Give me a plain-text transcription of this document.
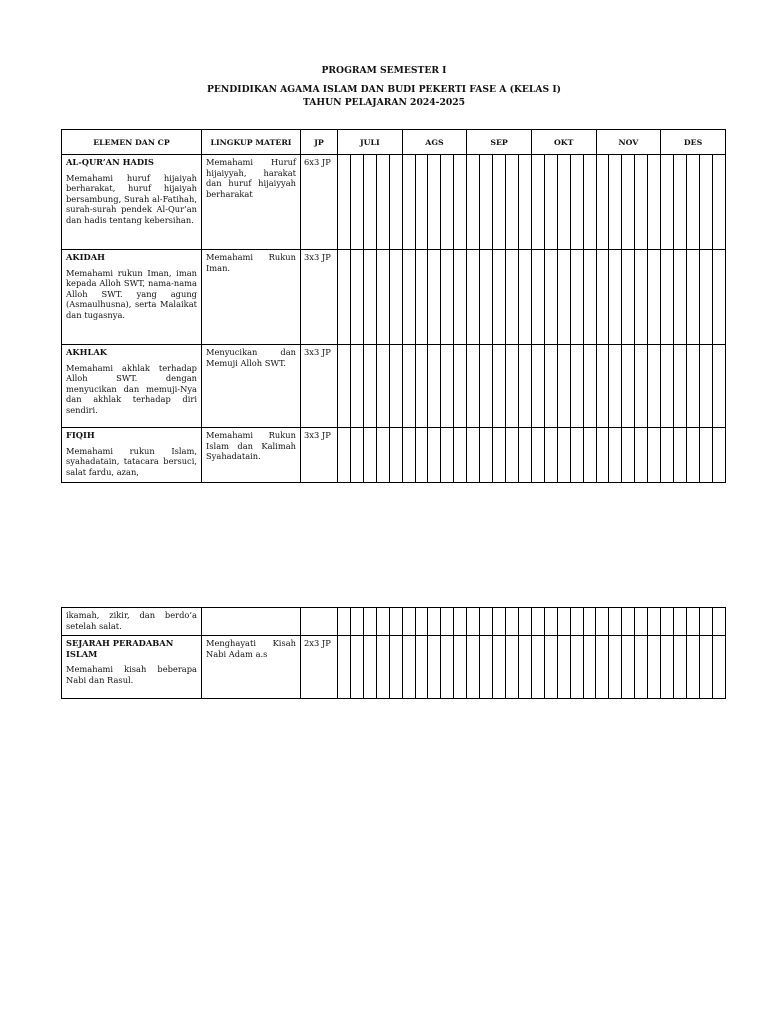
PROGRAM SEMESTER I
PENDIDIKAN AGAMA ISLAM DAN BUDI PEKERTI FASE A (KELAS I)
TAHUN PELAJARAN 2024-2025
ELEMEN DAN CP	LINGKUP MATERI	JP	JULI					AGS					SEP					OKT					NOV					DES				

AL-QUR’AN HADIS
Memahami huruf hijaiyah berharakat, huruf hijaiyah bersambung, Surah al-Fatihah, surah-surah pendek Al-Qur’an dan hadis tentang kebersihan.	Memahami Huruf hijaiyyah, harakat dan huruf hijaiyyah berharakat	6x3 JP																														

AKIDAH
Memahami rukun Iman, iman kepada Alloh SWT, nama-nama Alloh SWT. yang agung (Asmaulhusna), serta Malaikat dan tugasnya.	Memahami Rukun Iman.	3x3 JP																														

AKHLAK
Memahami akhlak terhadap Alloh SWT. dengan menyucikan dan memuji-Nya dan akhlak terhadap diri sendiri.	Menyucikan dan Memuji Alloh SWT.	3x3 JP																														

FIQIH
Memahami rukun Islam, syahadatain, tatacara bersuci, salat fardu, azan,	Memahami Rukun Islam dan Kalimah Syahadatain.	3x3 JP																														

ikamah, zikir, dan berdo’a setelah salat.																																

SEJARAH PERADABAN ISLAM
Memahami kisah beberapa Nabi dan Rasul.	Menghayati Kisah Nabi Adam a.s	2x3 JP																														
